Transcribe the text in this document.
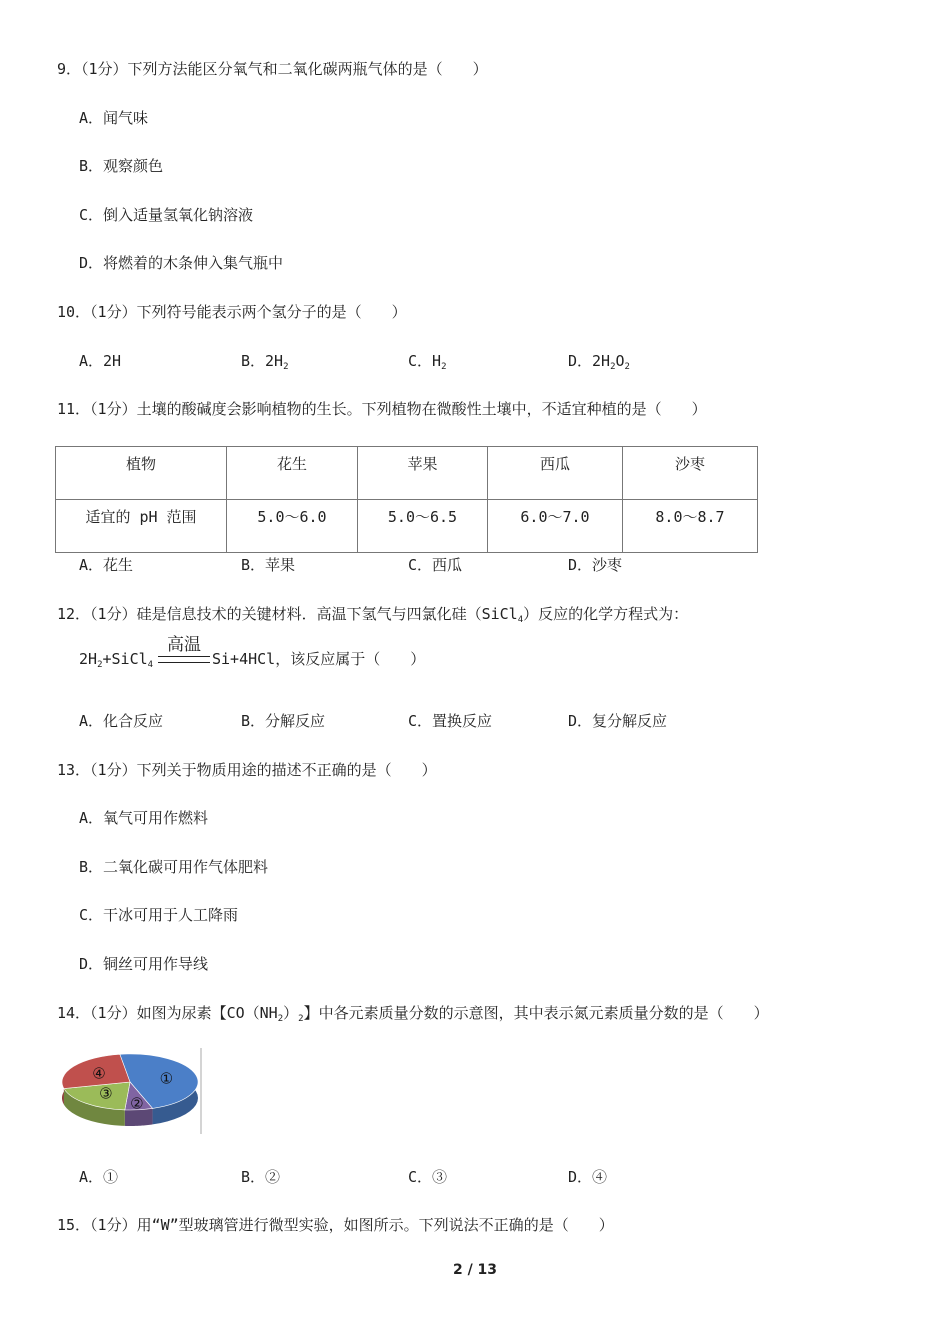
9．（1分）下列方法能区分氧气和二氧化碳两瓶气体的是（　　）
A．闻气味
B．观察颜色
C．倒入适量氢氧化钠溶液
D．将燃着的木条伸入集气瓶中
10．（1分）下列符号能表示两个氢分子的是（　　）
A．2H	B．$2H_2$	C．$H_2$	D．$2H_2O_2$
11．（1分）土壤的酸碱度会影响植物的生长。下列植物在微酸性土壤中，不适宜种植的是（　　）
植物	花生	苹果	西瓜	沙枣
适宜的 pH 范围	5.0～6.0	5.0～6.5	6.0～7.0	8.0～8.7
A．花生	B．苹果	C．西瓜	D．沙枣
12．（1分）硅是信息技术的关键材料．高温下氢气与四氯化硅（SiCl$_4$）反应的化学方程式为：
$2H_2+SiCl_4$
高温
Si+4HCl，该反应属于（　　）
A．化合反应	B．分解反应	C．置换反应	D．复分解反应
13．（1分）下列关于物质用途的描述不正确的是（　　）
A．氧气可用作燃料
B．二氧化碳可用作气体肥料
C．干冰可用于人工降雨
D．铜丝可用作导线
14．（1分）如图为尿素【$CO(NH_2)_2$】中各元素质量分数的示意图，其中表示氮元素质量分数的是（　　）
①
②
③
④
A．①	B．②	C．③	D．④
15．（1分）用“W”型玻璃管进行微型实验，如图所示。下列说法不正确的是（　　）
2 / 13
